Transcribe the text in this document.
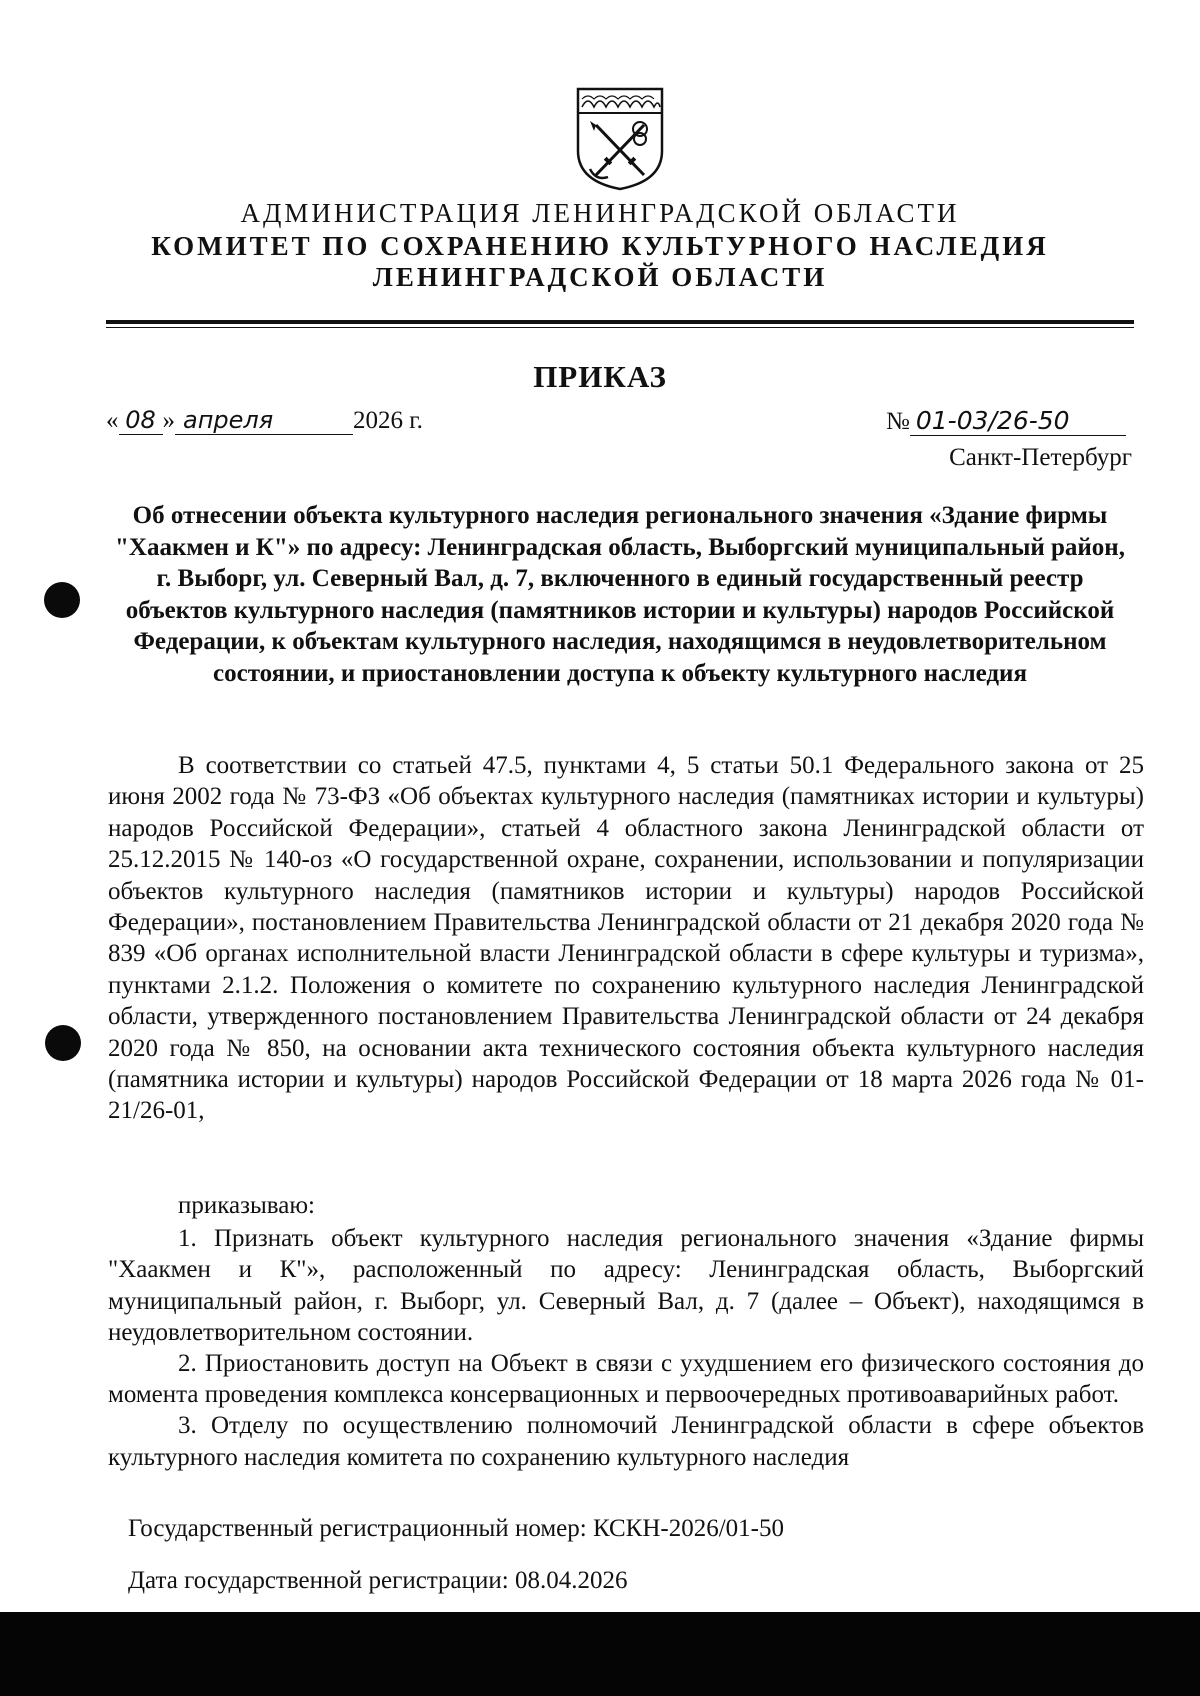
АДМИНИСТРАЦИЯ ЛЕНИНГРАДСКОЙ ОБЛАСТИ
КОМИТЕТ ПО СОХРАНЕНИЮ КУЛЬТУРНОГО НАСЛЕДИЯ
ЛЕНИНГРАДСКОЙ ОБЛАСТИ
ПРИКАЗ
« 08 » апреля	2026 г.	№ 01-03/26-50
Санкт-Петербург
Об отнесении объекта культурного наследия регионального значения «Здание фирмы "Хаакмен и К"» по адресу: Ленинградская область, Выборгский муниципальный район, г. Выборг, ул. Северный Вал, д. 7, включенного в единый государственный реестр объектов культурного наследия (памятников истории и культуры) народов Российской Федерации, к объектам культурного наследия, находящимся в неудовлетворительном состоянии, и приостановлении доступа к объекту культурного наследия

В соответствии со статьей 47.5, пунктами 4, 5 статьи 50.1 Федерального закона от 25 июня 2002 года № 73-ФЗ «Об объектах культурного наследия (памятниках истории и культуры) народов Российской Федерации», статьей 4 областного закона Ленинградской области от 25.12.2015 № 140-оз «О государственной охране, сохранении, использовании и популяризации объектов культурного наследия (памятников истории и культуры) народов Российской Федерации», постановлением Правительства Ленинградской области от 21 декабря 2020 года № 839 «Об органах исполнительной власти Ленинградской области в сфере культуры и туризма», пунктами 2.1.2. Положения о комитете по сохранению культурного наследия Ленинградской области, утвержденного постановлением Правительства Ленинградской области от 24 декабря 2020 года № 850, на основании акта технического состояния объекта культурного наследия (памятника истории и культуры) народов Российской Федерации от 18 марта 2026 года № 01-21/26-01,

приказываю:

1. Признать объект культурного наследия регионального значения «Здание фирмы "Хаакмен и К"», расположенный по адресу: Ленинградская область, Выборгский муниципальный район, г. Выборг, ул. Северный Вал, д. 7 (далее – Объект), находящимся в неудовлетворительном состоянии.

2. Приостановить доступ на Объект в связи с ухудшением его физического состояния до момента проведения комплекса консервационных и первоочередных противоаварийных работ.

3. Отделу по осуществлению полномочий Ленинградской области в сфере объектов культурного наследия комитета по сохранению культурного наследия

Государственный регистрационный номер: КСКН-2026/01-50
Дата государственной регистрации: 08.04.2026
